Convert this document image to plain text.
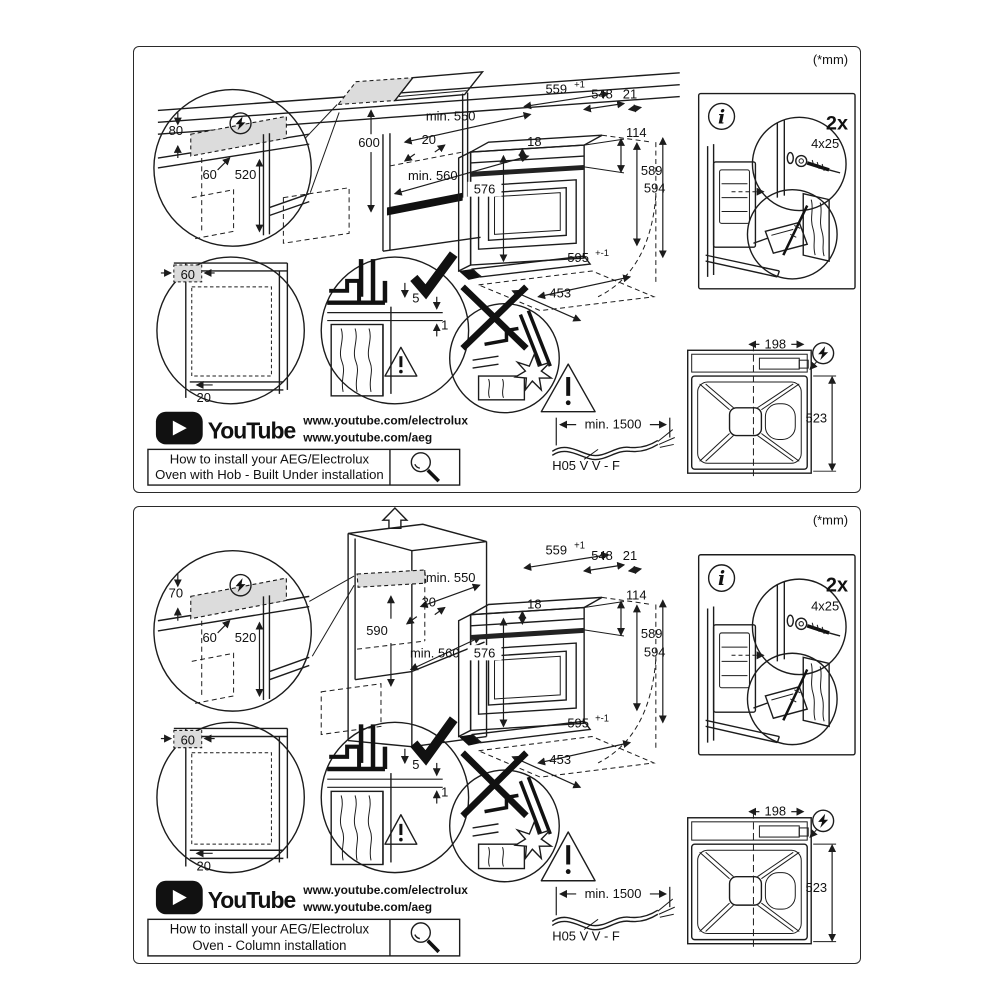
(*mm)
80
60 520
600
min. 550
20
min. 560
559 +1
548 21
18
114
589
594
576
595 +-1
453
i	2x
4x25
60
20
5
1
min. 1500
H05 V V - F
198
523
YouTube www.youtube.com/electrolux
www.youtube.com/aeg
How to install your AEG/Electrolux
Oven with Hob - Built Under installation
(*mm)
70
60 520	590
min. 550
20
min. 560
559 +1
548 21
18
114
589
594
576
595 +-1
453
i	2x
4x25
60
20
5
1
min. 1500
H05 V V - F
198
523
YouTube www.youtube.com/electrolux
www.youtube.com/aeg
How to install your AEG/Electrolux
Oven - Column installation
